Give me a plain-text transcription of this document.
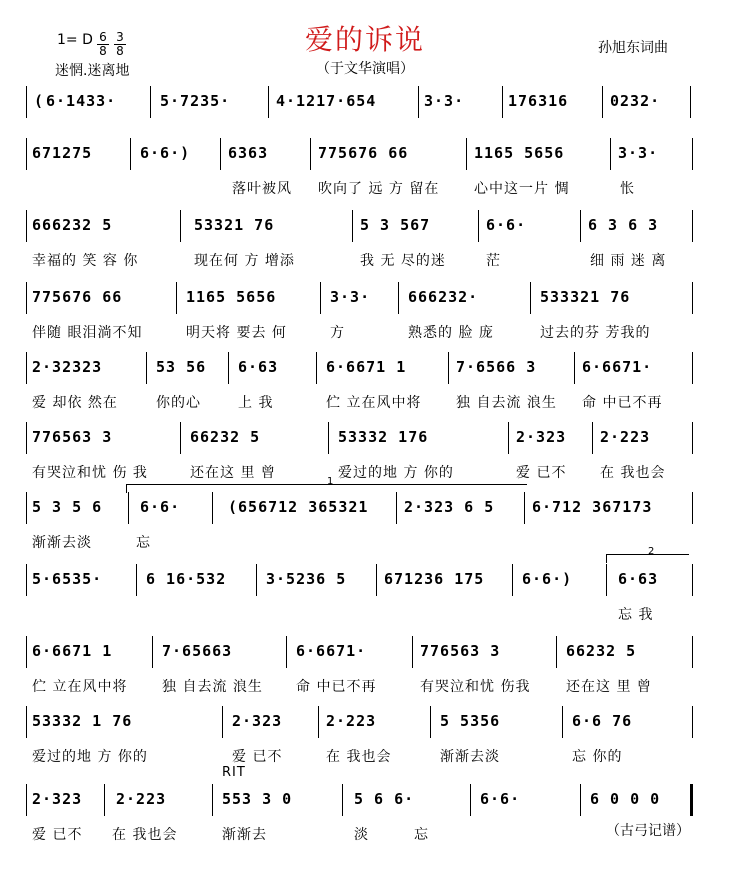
爱的诉说
（于文华演唱）
孙旭东词曲
1= D 6
8
3
8
迷惘.迷离地
( 6·1433·	5·7235·	4·1217·654	3·3·	176316	0232·
671275	6·6·)	6363	775676 66	1165 5656	3·3·
落叶被风 吹向了 远 方 留在 心中这一片 惆	怅
666232 5	53321 76	5 3 567	6·6·	6 3 6 3
幸福的 笑 容 你	现在何 方 增添	我 无 尽的迷	茫	细 雨 迷 离
775676 66	1165 5656	3·3·	666232·	533321 76
伴随 眼泪淌不知	明天将 要去 何	方	熟悉的 脸 庞	过去的芬 芳我的
2·32323	53 56 6·63	6·6671 1	7·6566 3	6·6671·
爱 却依 然在	你的心	上 我	伫 立在风中将 独 自去流 浪生 命 中已不再
776563 3	66232 5	53332 176	2·323 2·223
有哭泣和忧 伤 我	还在这 里 曾	爱过的地 方 你的	爱 已不 在 我也会
5 3 5 6	6·6·	(656712 365321 2·323 6 5	6·712 367173
渐渐去淡	忘
5·6535·	6 16·532	3·5236 5	671236 175	6·6·)	6·63
忘 我
6·6671 1	7·65663	6·6671·	776563 3	66232 5
伫 立在风中将 独 自去流 浪生 命 中已不再	有哭泣和忧 伤我	还在这 里 曾
53332 1 76	2·323	2·223	5 5356	6·6 76
爱过的地 方 你的	爱 已不	在 我也会	渐渐去淡	忘 你的
2·323 2·223	553 3 0	5 6 6·	6·6·	6 0 0 0
爱 已不 在 我也会	渐渐去	淡	忘
RIT
（古弓记谱）
1
2
